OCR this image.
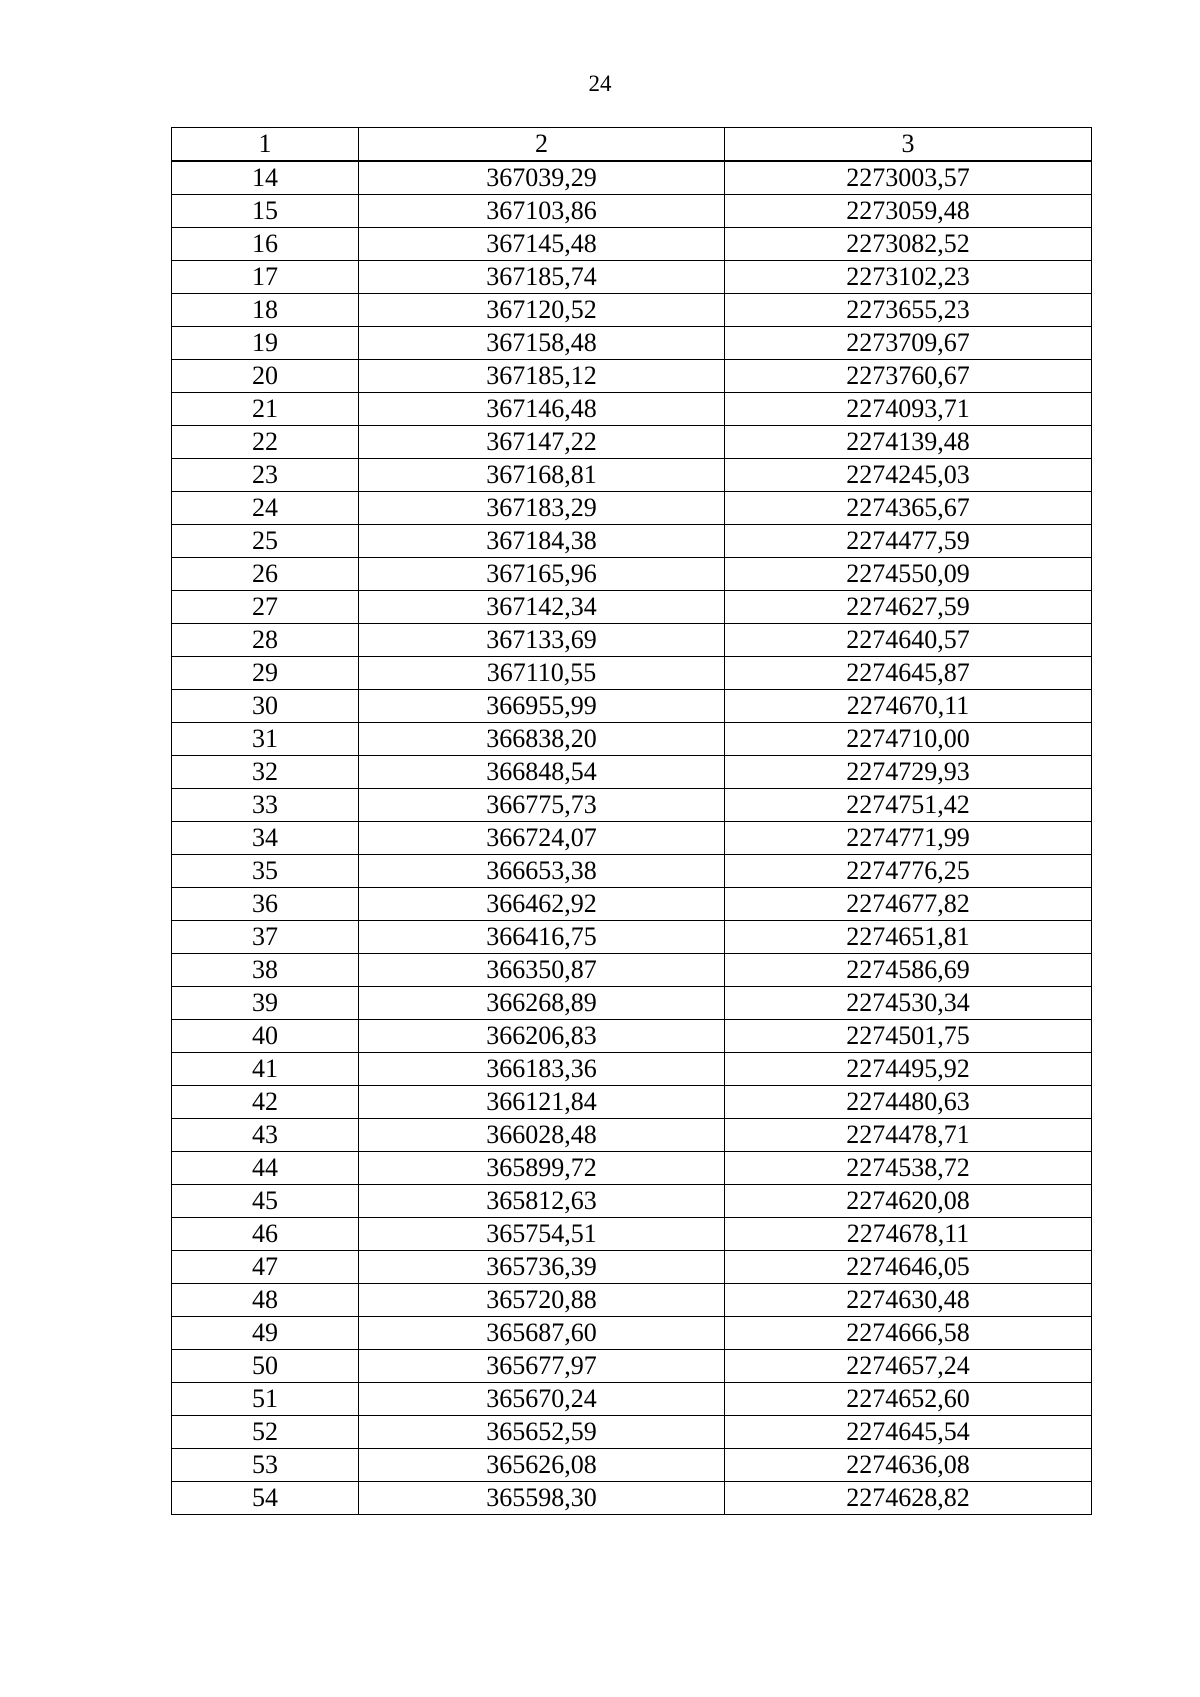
24
1	2	3
14	367039,29	2273003,57
15	367103,86	2273059,48
16	367145,48	2273082,52
17	367185,74	2273102,23
18	367120,52	2273655,23
19	367158,48	2273709,67
20	367185,12	2273760,67
21	367146,48	2274093,71
22	367147,22	2274139,48
23	367168,81	2274245,03
24	367183,29	2274365,67
25	367184,38	2274477,59
26	367165,96	2274550,09
27	367142,34	2274627,59
28	367133,69	2274640,57
29	367110,55	2274645,87
30	366955,99	2274670,11
31	366838,20	2274710,00
32	366848,54	2274729,93
33	366775,73	2274751,42
34	366724,07	2274771,99
35	366653,38	2274776,25
36	366462,92	2274677,82
37	366416,75	2274651,81
38	366350,87	2274586,69
39	366268,89	2274530,34
40	366206,83	2274501,75
41	366183,36	2274495,92
42	366121,84	2274480,63
43	366028,48	2274478,71
44	365899,72	2274538,72
45	365812,63	2274620,08
46	365754,51	2274678,11
47	365736,39	2274646,05
48	365720,88	2274630,48
49	365687,60	2274666,58
50	365677,97	2274657,24
51	365670,24	2274652,60
52	365652,59	2274645,54
53	365626,08	2274636,08
54	365598,30	2274628,82
